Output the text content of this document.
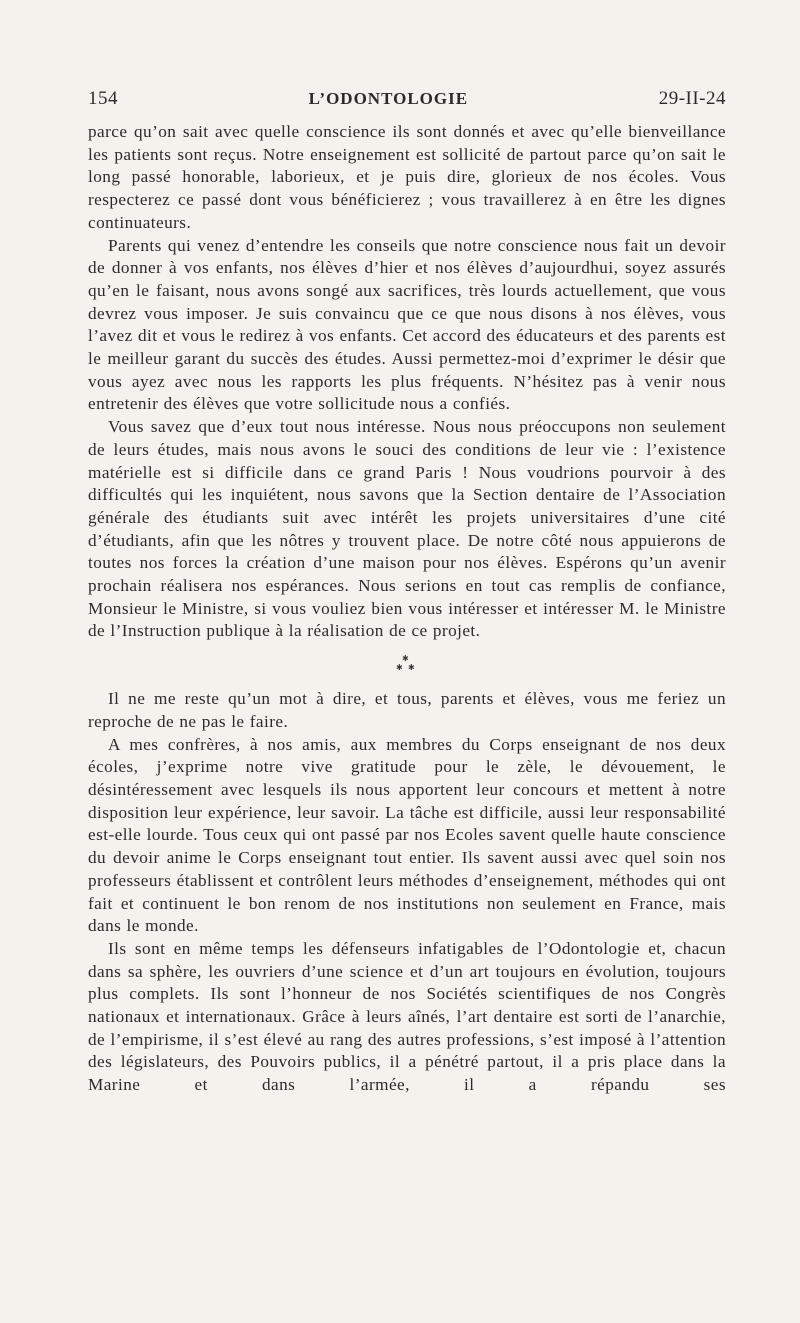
154	L’ODONTOLOGIE	29-II-24

parce qu’on sait avec quelle conscience ils sont donnés et avec qu’elle bienveillance les patients sont reçus. Notre enseignement est sollicité de partout parce qu’on sait le long passé honorable, laborieux, et je puis dire, glorieux de nos écoles. Vous respecterez ce passé dont vous bénéficierez ; vous travaillerez à en être les dignes continuateurs.

Parents qui venez d’entendre les conseils que notre conscience nous fait un devoir de donner à vos enfants, nos élèves d’hier et nos élèves d’aujourdhui, soyez assurés qu’en le faisant, nous avons songé aux sacrifices, très lourds actuellement, que vous devrez vous imposer. Je suis convaincu que ce que nous disons à nos élèves, vous l’avez dit et vous le redirez à vos enfants. Cet accord des éducateurs et des parents est le meilleur garant du succès des études. Aussi permettez-moi d’exprimer le désir que vous ayez avec nous les rapports les plus fréquents. N’hésitez pas à venir nous entretenir des élèves que votre sollicitude nous a confiés.

Vous savez que d’eux tout nous intéresse. Nous nous préoccupons non seulement de leurs études, mais nous avons le souci des conditions de leur vie : l’existence matérielle est si difficile dans ce grand Paris ! Nous voudrions pourvoir à des difficultés qui les inquiétent, nous savons que la Section dentaire de l’Association générale des étudiants suit avec intérêt les projets universitaires d’une cité d’étudiants, afin que les nôtres y trouvent place. De notre côté nous appuierons de toutes nos forces la création d’une maison pour nos élèves. Espérons qu’un avenir prochain réalisera nos espérances. Nous serions en tout cas remplis de confiance, Monsieur le Ministre, si vous vouliez bien vous intéresser et intéresser M. le Ministre de l’Instruction publique à la réalisation de ce projet.

✱
✱ ✱

Il ne me reste qu’un mot à dire, et tous, parents et élèves, vous me feriez un reproche de ne pas le faire.

A mes confrères, à nos amis, aux membres du Corps enseignant de nos deux écoles, j’exprime notre vive gratitude pour le zèle, le dévouement, le désintéressement avec lesquels ils nous apportent leur concours et mettent à notre disposition leur expérience, leur savoir. La tâche est difficile, aussi leur responsabilité est-elle lourde. Tous ceux qui ont passé par nos Ecoles savent quelle haute conscience du devoir anime le Corps enseignant tout entier. Ils savent aussi avec quel soin nos professeurs établissent et contrôlent leurs méthodes d’enseignement, méthodes qui ont fait et continuent le bon renom de nos institutions non seulement en France, mais dans le monde.

Ils sont en même temps les défenseurs infatigables de l’Odontologie et, chacun dans sa sphère, les ouvriers d’une science et d’un art toujours en évolution, toujours plus complets. Ils sont l’honneur de nos Sociétés scientifiques de nos Congrès nationaux et internationaux. Grâce à leurs aînés, l’art dentaire est sorti de l’anarchie, de l’empirisme, il s’est élevé au rang des autres professions, s’est imposé à l’attention des législateurs, des Pouvoirs publics, il a pénétré partout, il a pris place dans la Marine et dans l’armée, il a répandu ses
